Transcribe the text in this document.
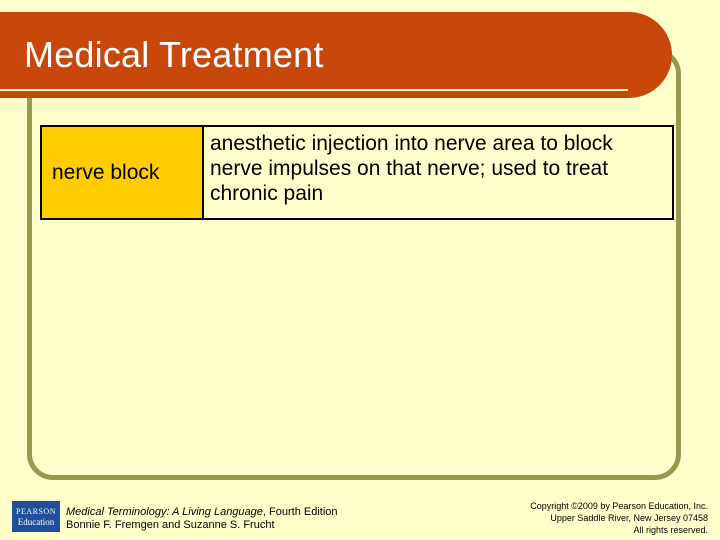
Medical Treatment
nerve block
anesthetic injection into nerve area to block nerve impulses on that nerve; used to treat chronic pain
PEARSON
Education
Medical Terminology: A Living Language, Fourth Edition
Bonnie F. Fremgen and Suzanne S. Frucht
Copyright ©2009 by Pearson Education, Inc.
Upper Saddle River, New Jersey 07458
All rights reserved.
